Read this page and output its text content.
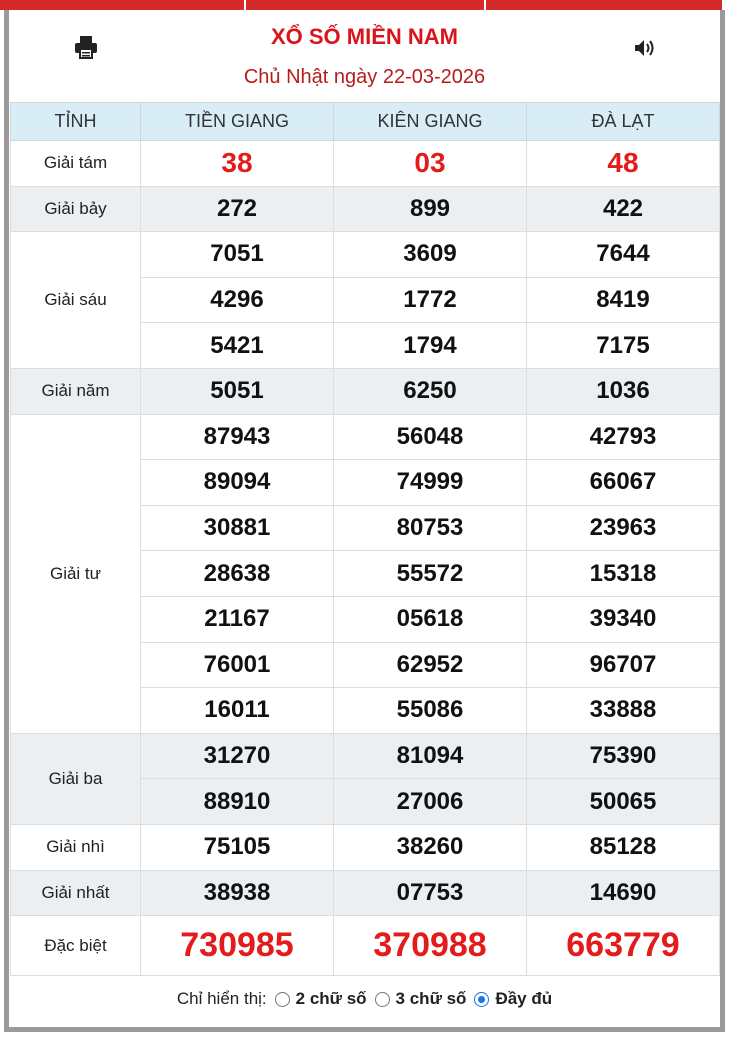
XỔ SỐ MIỀN NAM
Chủ Nhật ngày 22-03-2026
TỈNH	TIỀN GIANG	KIÊN GIANG	ĐÀ LẠT
Giải tám	38	03	48
Giải bảy	272	899	422
Giải sáu	7051	3609	7644
	4296	1772	8419
	5421	1794	7175
Giải năm	5051	6250	1036
Giải tư	87943	56048	42793
	89094	74999	66067
	30881	80753	23963
	28638	55572	15318
	21167	05618	39340
	76001	62952	96707
	16011	55086	33888
Giải ba	31270	81094	75390
	88910	27006	50065
Giải nhì	75105	38260	85128
Giải nhất	38938	07753	14690
Đặc biệt	730985	370988	663779
Chỉ hiển thị: 2 chữ số 3 chữ số Đầy đủ
